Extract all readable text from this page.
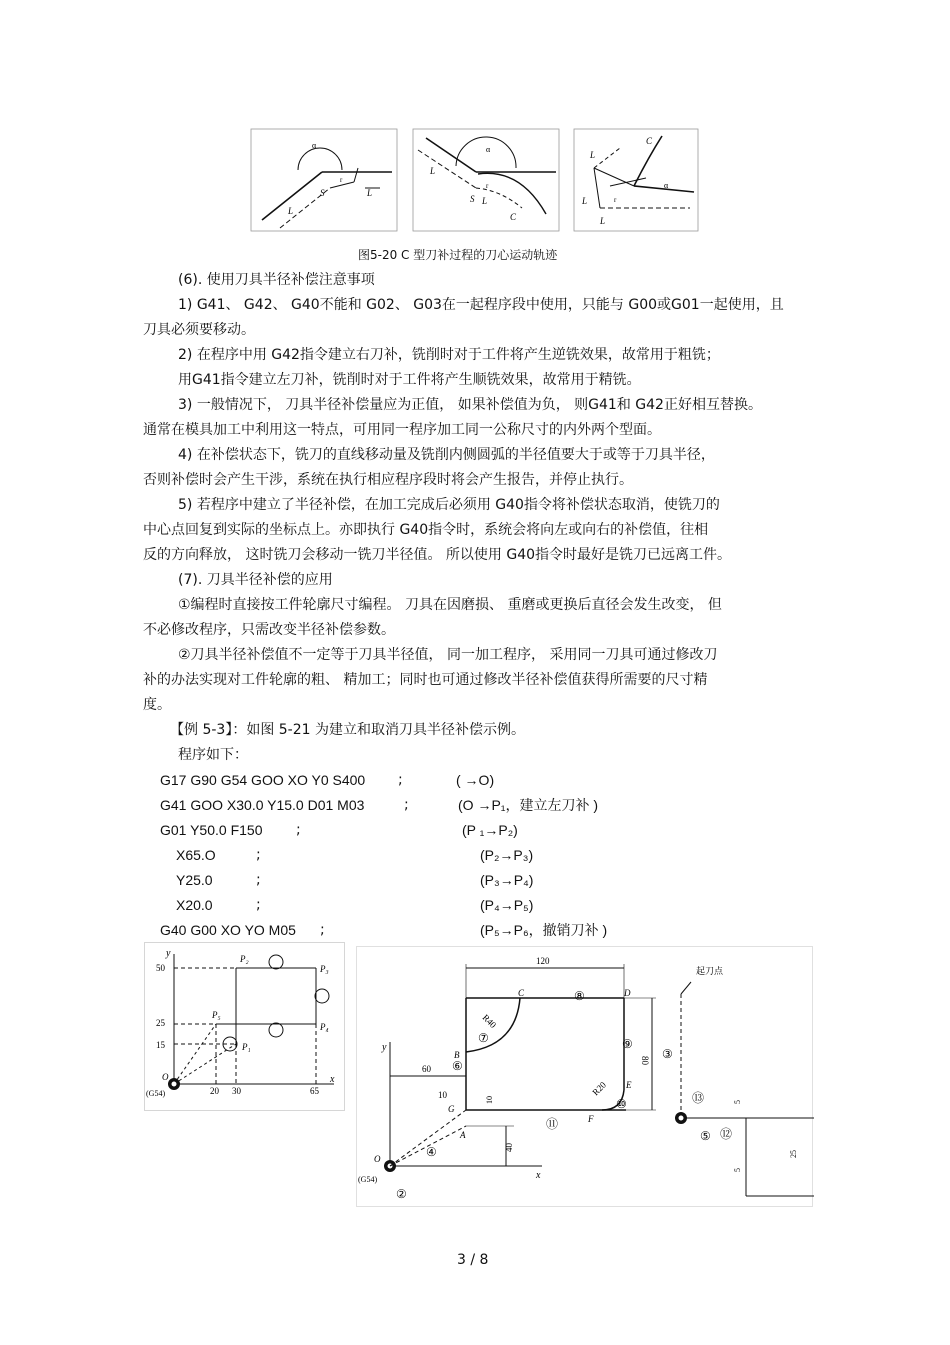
α
S
L
L
r
α
L
S L
C
r
L
L
L
C
α
r
图5-20 C 型刀补过程的刀心运动轨迹
(6). 使用刀具半径补偿注意事项
1) G41、 G42、 G40不能和 G02、 G03在一起程序段中使用，只能与 G00或G01一起使用，且
刀具必须要移动。
2) 在程序中用 G42指令建立右刀补，铣削时对于工件将产生逆铣效果，故常用于粗铣；
用G41指令建立左刀补，铣削时对于工件将产生顺铣效果，故常用于精铣。
3) 一般情况下， 刀具半径补偿量应为正值， 如果补偿值为负， 则G41和 G42正好相互替换。
通常在模具加工中利用这一特点，可用同一程序加工同一公称尺寸的内外两个型面。
4) 在补偿状态下，铣刀的直线移动量及铣削内侧圆弧的半径值要大于或等于刀具半径，
否则补偿时会产生干涉，系统在执行相应程序段时将会产生报告，并停止执行。
5) 若程序中建立了半径补偿，在加工完成后必须用 G40指令将补偿状态取消，使铣刀的
中心点回复到实际的坐标点上。亦即执行 G40指令时，系统会将向左或向右的补偿值，往相
反的方向释放， 这时铣刀会移动一铣刀半径值。 所以使用 G40指令时最好是铣刀已远离工件。
(7). 刀具半径补偿的应用
①编程时直接按工件轮廓尺寸编程。 刀具在因磨损、 重磨或更换后直径会发生改变， 但
不必修改程序，只需改变半径补偿参数。
②刀具半径补偿值不一定等于刀具半径值， 同一加工程序， 采用同一刀具可通过修改刀
补的办法实现对工件轮廓的粗、 精加工；同时也可通过修改半径补偿值获得所需要的尺寸精
度。
【例 5-3】：如图 5-21 为建立和取消刀具半径补偿示例。
程序如下：
G17 G90 G54 GOO XO Y0 S400 ;	( →O)
G41 GOO X30.0 Y15.0 D01 M03	;	(O →P₁，建立左刀补 )
G01 Y50.0 F150 ;	(P ₁→P₂)
X65.O	;	(P₂→P₃)
Y25.0	;	(P₃→P₄)
X20.0	;	(P₄→P₅)
G40 G00 XO YO M05 ;	(P₅→P₆，撤销刀补 )
y
x
50
25
15
20 30	65
O
(G54)
P₁
P₂
P₃
P₄
P₅
y
x
O
(G54)
120
80
60
10	10
40
R40
R20
B
C	D
E
F
G
A
起刀点
5
25
5
②
③
④
⑤
⑥
⑦
⑧
⑨
⑩
⑪
⑫
⑬
3 / 8
